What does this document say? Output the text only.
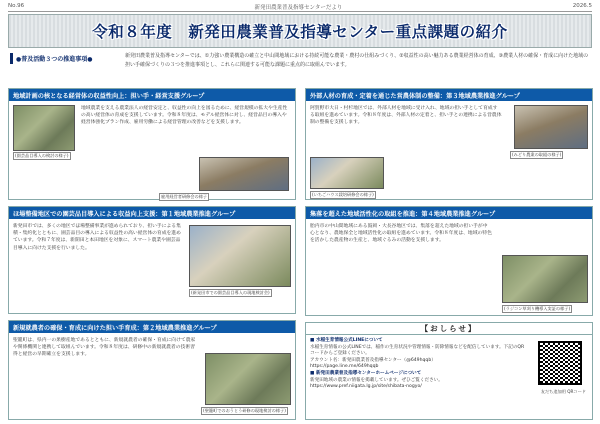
No.96	新発田農業普及指導センターだより	2026.5
令和８年度　新発田農業普及指導センター重点課題の紹介
●普及活動３つの推進事項●	新発田農業普及指導センターでは、①力強い農業構造の確立と中山間地域における持続可能な農業・農村の仕組みづくり、②収益性の高い魅力ある農業経営体の育成、③農業人材の確保・育成に向けた地域の担い手確保づくりの３つを推進事項とし、これらに関連する可能な課題に重点的に取組んでいます。
地域計画の核となる経営体の収益性向上：担い手・経営支援グループ
(園芸品目導入の検討の様子)
地域農業を支える農業法人の経営安定と、収益性の向上を図るために、経営規模の拡大や生産性の高い経営体の育成を支援しています。令和８年度は、モデル経営体に対し、経営品目の導入や経営体強化プラン作成、雇用労働による経営管理の改善などを支援します。
雇用経営者研修会の様子
ほ場整備地区での園芸品目導入による収益向上支援：第１地域農業推進グループ
新発田市では、多くの地区でほ場整備事業が進められており、担い手による集積・集約化とともに、園芸品目の導入による収益性の高い経営体の育成を進めています。令和７年度は、新開田と本田地区を対象に、スマート農業や園芸品目導入に向けた支援を行いました。
(新発田市での園芸品目導入の現地検討会)
新規就農者の確保・育成に向けた担い手育成：第２地域農業推進グループ
聖籠町は、県内一の果樹産地であるとともに、新規就農者の確保・育成に向けて農家や関係機関と連携して取組んでいます。令和８年度は、研修中の新規就農者の技術習得と経営の早期確立を支援します。
(聖籠町でのおうとう研修の現地検討の様子)
外部人材の育成・定着を通じた営農体制の整備：第３地域農業推進グループ
阿賀野市大日・村杉地区では、外部人材を地域に受け入れ、地域の担い手として育成する取組を進めています。令和８年度は、外部人材の定着と、担い手との連携による営農体制の整備を支援します。
(みどり農業の取組の様子)
(いちごハウス栽培研修会の様子)
集落を超えた地域活性化の取組を推進：第４地域農業推進グループ
胎内市の中山間地域にある鼓岡・大長谷地区では、集落を超えた地域の担い手が中心となり、農地保全と地域活性化の取組を進めています。令和８年度は、地域の特色を活かした農産物の生産と、地域ぐるみの活動を支援します。
(ラジコン草刈り機導入実証の様子)
【おしらせ】
■ 水稲生育情報公式LINEについて
水稲生育情報の公式LINEでは、稲作の生育状況や管理情報・防除情報などを配信しています。下記のQRコードからご登録ください。
アカウント名：新発田農業普及指導センター（@649hqqb）
https://page.line.me/649hqqb
■ 新発田農業普及指導センターホームページについて
新発田地域の農業の情報を掲載しています。ぜひご覧ください。
https://www.pref.niigata.lg.jp/site/shibata-nogyo/
友だち追加用 QRコード
